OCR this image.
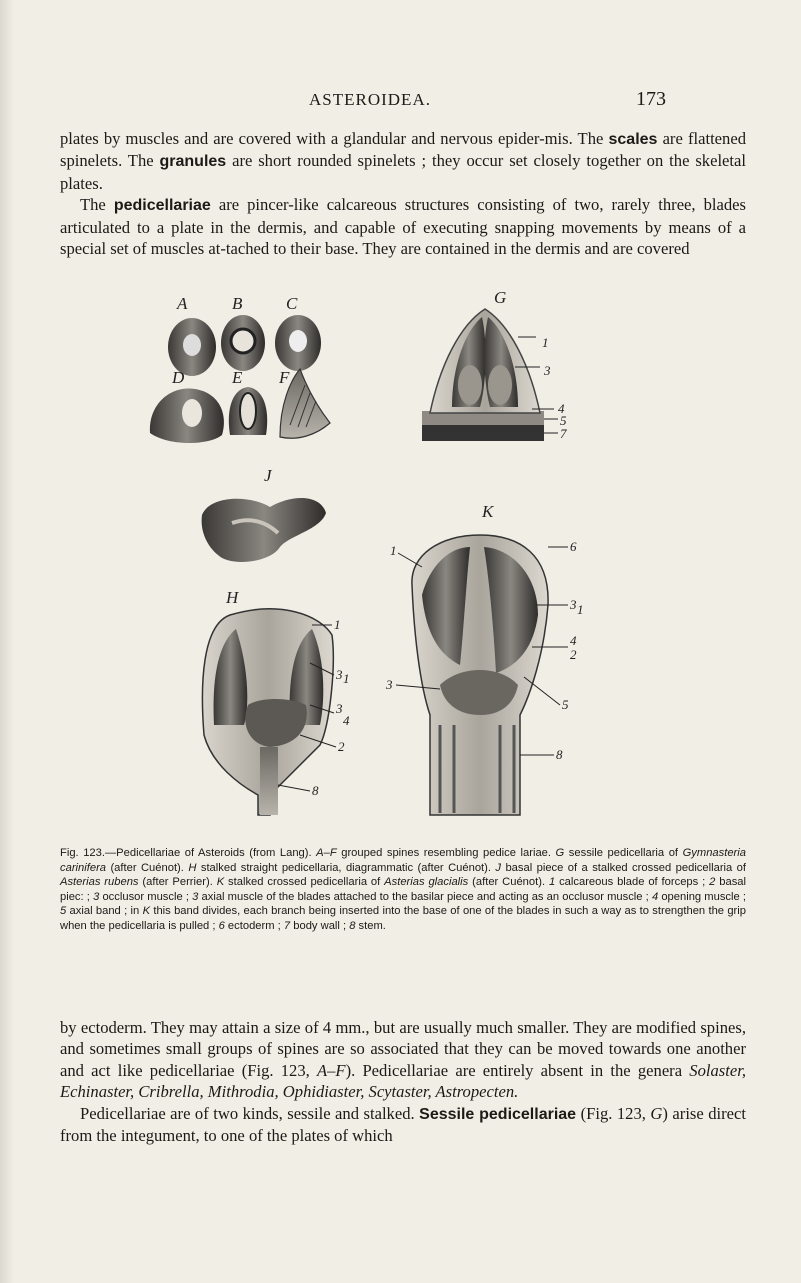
ASTEROIDEA.	173

plates by muscles and are covered with a glandular and nervous epider-mis. The scales are flattened spinelets. The granules are short rounded spinelets ; they occur set closely together on the skeletal plates.

The pedicellariae are pincer-like calcareous structures consisting of two, rarely three, blades articulated to a plate in the dermis, and capable of executing snapping movements by means of a special set of muscles at-tached to their base. They are contained in the dermis and are covered

A	B	C
D	E F
G
1
3
4
5
7
J
H
1
3 1
3
4
2
8
K
1	6
3 1
4
2
3
5
8

Fig. 123.—Pedicellariae of Asteroids (from Lang). A–F grouped spines resembling pedice lariae. G sessile pedicellaria of Gymnasteria carinifera (after Cuénot). H stalked straight pedicellaria, diagrammatic (after Cuénot). J basal piece of a stalked crossed pedicellaria of Asterias rubens (after Perrier). K stalked crossed pedicellaria of Asterias glacialis (after Cuénot). 1 calcareous blade of forceps ; 2 basal piec: ; 3 occlusor muscle ; 3 axial muscle of the blades attached to the basilar piece and acting as an occlusor muscle ; 4 opening muscle ; 5 axial band ; in K this band divides, each branch being inserted into the base of one of the blades in such a way as to strengthen the grip when the pedicellaria is pulled ; 6 ectoderm ; 7 body wall ; 8 stem.

by ectoderm. They may attain a size of 4 mm., but are usually much smaller. They are modified spines, and sometimes small groups of spines are so associated that they can be moved towards one another and act like pedicellariae (Fig. 123, A–F). Pedicellariae are entirely absent in the genera Solaster, Echinaster, Cribrella, Mithrodia, Ophidiaster, Scytaster, Astropecten.

Pedicellariae are of two kinds, sessile and stalked. Sessile pedicellariae (Fig. 123, G) arise direct from the integument, to one of the plates of which
